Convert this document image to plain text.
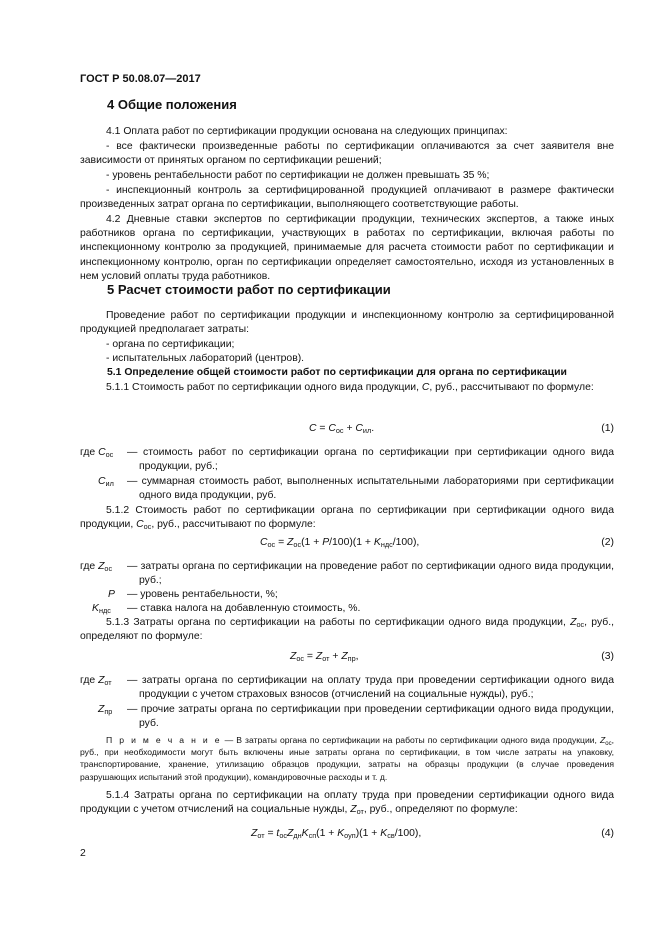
ГОСТ Р 50.08.07—2017
4 Общие положения
4.1 Оплата работ по сертификации продукции основана на следующих принципах:
- все фактически произведенные работы по сертификации оплачиваются за счет заявителя вне зависимости от принятых органом по сертификации решений;
- уровень рентабельности работ по сертификации не должен превышать 35 %;
- инспекционный контроль за сертифицированной продукцией оплачивают в размере фактически произведенных затрат органа по сертификации, выполняющего соответствующие работы.
4.2 Дневные ставки экспертов по сертификации продукции, технических экспертов, а также иных работников органа по сертификации, участвующих в работах по сертификации, включая работы по инспекционному контролю за продукцией, принимаемые для расчета стоимости работ по сертификации и инспекционному контролю, орган по сертификации определяет самостоятельно, исходя из установленных в нем условий оплаты труда работников.
5 Расчет стоимости работ по сертификации
Проведение работ по сертификации продукции и инспекционному контролю за сертифицированной продукцией предполагает затраты:
- органа по сертификации;
- испытательных лабораторий (центров).
5.1 Определение общей стоимости работ по сертификации для органа по сертификации
5.1.1 Стоимость работ по сертификации одного вида продукции, C, руб., рассчитывают по формуле:
$C = C_{ос} + C_{ил}$.	(1)
где $C_{ос}$ — стоимость работ по сертификации органа по сертификации при сертификации одного вида продукции, руб.;
$C_{ил}$ — суммарная стоимость работ, выполненных испытательными лабораториями при сертификации одного вида продукции, руб.
5.1.2 Стоимость работ по сертификации органа по сертификации при сертификации одного вида продукции, $C_{ос}$, руб., рассчитывают по формуле:
$C_{ос} = Z_{ос}(1 + P/100)(1 + K_{ндс}/100)$,	(2)
где $Z_{ос}$ — затраты органа по сертификации на проведение работ по сертификации одного вида продукции, руб.;
P — уровень рентабельности, %;
$K_{ндс}$ — ставка налога на добавленную стоимость, %.
5.1.3 Затраты органа по сертификации на работы по сертификации одного вида продукции, $Z_{ос}$, руб., определяют по формуле:
$Z_{ос} = Z_{от} + Z_{пр}$,	(3)
где $Z_{от}$ — затраты органа по сертификации на оплату труда при проведении сертификации одного вида продукции с учетом страховых взносов (отчислений на социальные нужды), руб.;
$Z_{пр}$ — прочие затраты органа по сертификации при проведении сертификации одного вида продукции, руб.
П р и м е ч а н и е — В затраты органа по сертификации на работы по сертификации одного вида продукции, $Z_{ос}$, руб., при необходимости могут быть включены иные затраты органа по сертификации, в том числе затраты на упаковку, транспортирование, хранение, утилизацию образцов продукции, затраты на образцы продукции (в случае проведения разрушающих испытаний этой продукции), командировочные расходы и т. д.
5.1.4 Затраты органа по сертификации на оплату труда при проведении сертификации одного вида продукции с учетом отчислений на социальные нужды, $Z_{от}$, руб., определяют по формуле:
$Z_{от} = t_{ос}Z_{дн}K_{сп}(1 + K_{оуп})(1 + K_{св}/100)$,	(4)
2
